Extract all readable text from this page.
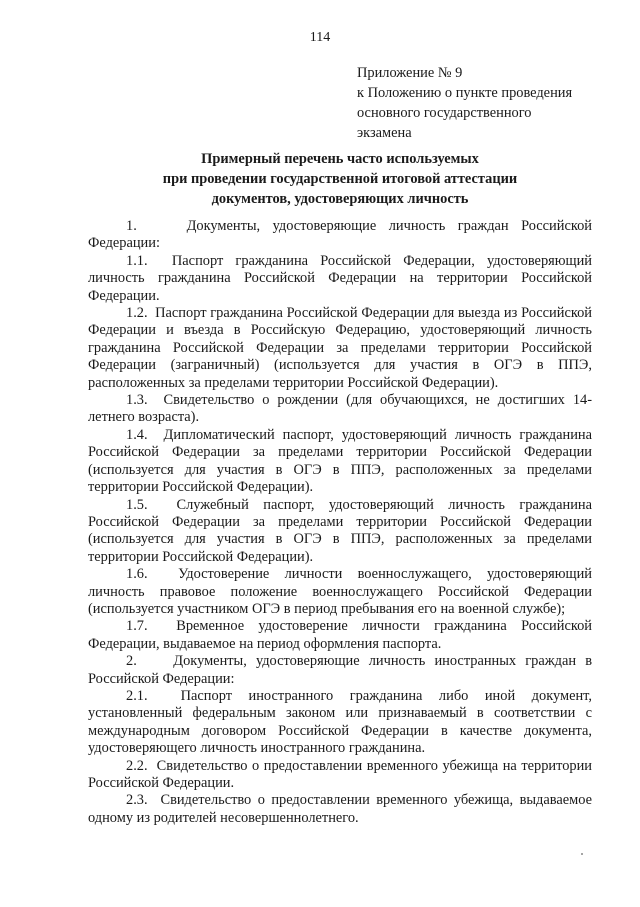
114
Приложение № 9
к Положению о пункте проведения
основного государственного
экзамена
Примерный перечень часто используемых
при проведении государственной итоговой аттестации
документов, удостоверяющих личность

1.    Документы, удостоверяющие личность граждан Российской Федерации:

1.1.  Паспорт гражданина Российской Федерации, удостоверяющий личность гражданина Российской Федерации на территории Российской Федерации.

1.2.  Паспорт гражданина Российской Федерации для выезда из Российской Федерации и въезда в Российскую Федерацию, удостоверяющий личность гражданина Российской Федерации за пределами территории Российской Федерации (заграничный) (используется для участия в ОГЭ в ППЭ, расположенных за пределами территории Российской Федерации).

1.3.  Свидетельство о рождении (для обучающихся, не достигших 14-летнего возраста).

1.4.  Дипломатический паспорт, удостоверяющий личность гражданина Российской Федерации за пределами территории Российской Федерации (используется для участия в ОГЭ в ППЭ, расположенных за пределами территории Российской Федерации).

1.5.  Служебный паспорт, удостоверяющий личность гражданина Российской Федерации за пределами территории Российской Федерации (используется для участия в ОГЭ в ППЭ, расположенных за пределами территории Российской Федерации).

1.6.  Удостоверение личности военнослужащего, удостоверяющий личность правовое положение военнослужащего Российской Федерации (используется участником ОГЭ в период пребывания его на военной службе);

1.7.  Временное удостоверение личности гражданина Российской Федерации, выдаваемое на период оформления паспорта.

2.    Документы, удостоверяющие личность иностранных граждан в Российской Федерации:

2.1.  Паспорт иностранного гражданина либо иной документ, установленный федеральным законом или признаваемый в соответствии с международным договором Российской Федерации в качестве документа, удостоверяющего личность иностранного гражданина.

2.2.  Свидетельство о предоставлении временного убежища на территории Российской Федерации.

2.3.  Свидетельство о предоставлении временного убежища, выдаваемое одному из родителей несовершеннолетнего.
